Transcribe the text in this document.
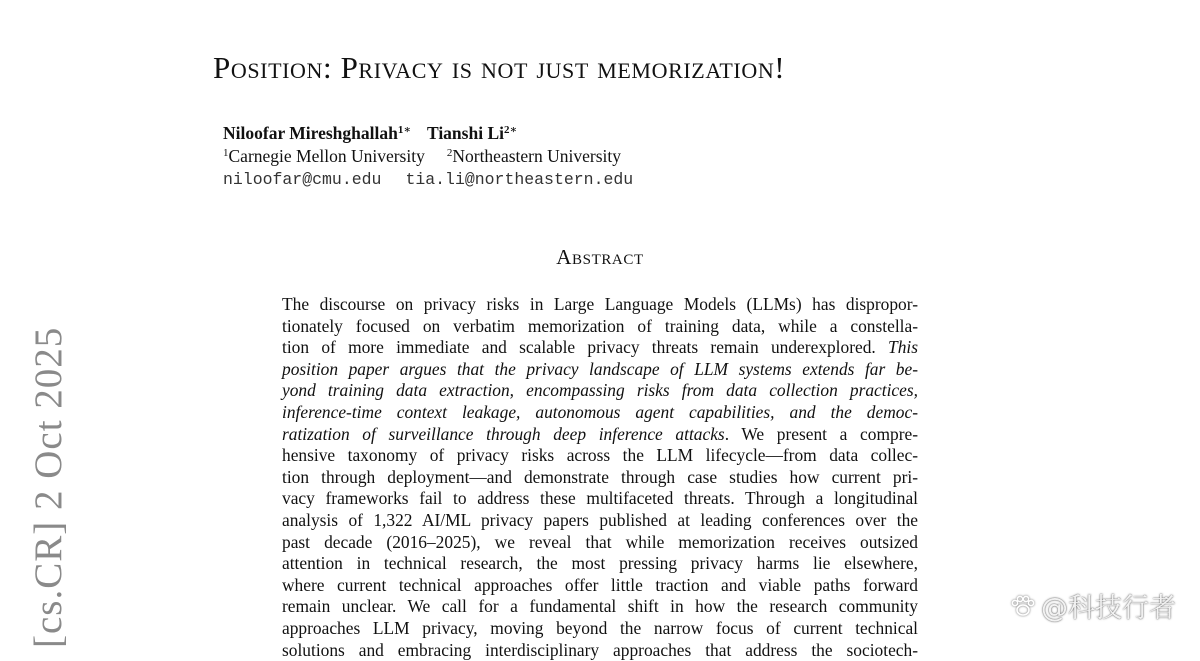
Position: Privacy is not just memorization!
Niloofar Mireshghallah$^{1∗}$ Tianshi $Li^{2∗}$
$^1$Carnegie Mellon University $^2$Northeastern University
niloofar@cmu.edu tia.li@northeastern.edu
Abstract
The discourse on privacy risks in Large Language Models (LLMs) has dispropor-
tionately focused on verbatim memorization of training data, while a constella-
tion of more immediate and scalable privacy threats remain underexplored. This
position paper argues that the privacy landscape of LLM systems extends far be-
yond training data extraction, encompassing risks from data collection practices,
inference-time context leakage, autonomous agent capabilities, and the democ-
ratization of surveillance through deep inference attacks. We present a compre-
hensive taxonomy of privacy risks across the LLM lifecycle—from data collec-
tion through deployment—and demonstrate through case studies how current pri-
vacy frameworks fail to address these multifaceted threats. Through a longitudinal
analysis of 1,322 AI/ML privacy papers published at leading conferences over the
past decade (2016–2025), we reveal that while memorization receives outsized
attention in technical research, the most pressing privacy harms lie elsewhere,
where current technical approaches offer little traction and viable paths forward
remain unclear. We call for a fundamental shift in how the research community
approaches LLM privacy, moving beyond the narrow focus of current technical
solutions and embracing interdisciplinary approaches that address the sociotech-
[cs.CR] 2 Oct 2025	@科技行者
